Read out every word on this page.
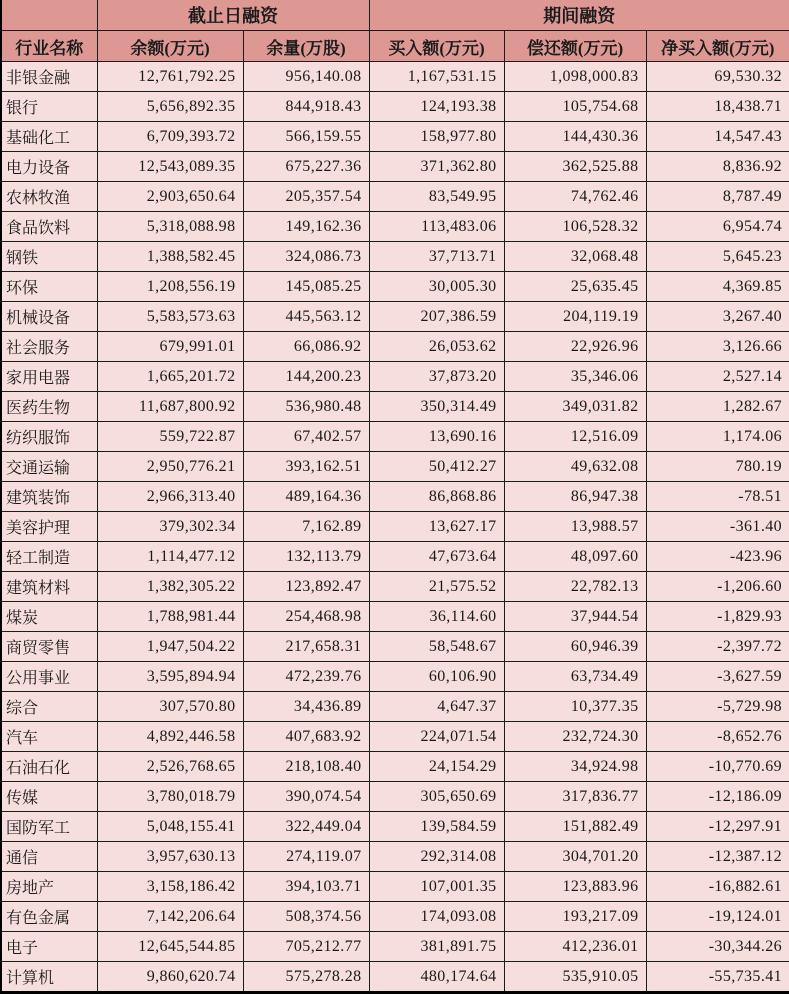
	截止日融资		期间融资		
行业名称	余额(万元)	余量(万股)	买入额(万元)	偿还额(万元)	净买入额(万元)
非银金融	12,761,792.25	956,140.08	1,167,531.15	1,098,000.83	69,530.32
银行	5,656,892.35	844,918.43	124,193.38	105,754.68	18,438.71
基础化工	6,709,393.72	566,159.55	158,977.80	144,430.36	14,547.43
电力设备	12,543,089.35	675,227.36	371,362.80	362,525.88	8,836.92
农林牧渔	2,903,650.64	205,357.54	83,549.95	74,762.46	8,787.49
食品饮料	5,318,088.98	149,162.36	113,483.06	106,528.32	6,954.74
钢铁	1,388,582.45	324,086.73	37,713.71	32,068.48	5,645.23
环保	1,208,556.19	145,085.25	30,005.30	25,635.45	4,369.85
机械设备	5,583,573.63	445,563.12	207,386.59	204,119.19	3,267.40
社会服务	679,991.01	66,086.92	26,053.62	22,926.96	3,126.66
家用电器	1,665,201.72	144,200.23	37,873.20	35,346.06	2,527.14
医药生物	11,687,800.92	536,980.48	350,314.49	349,031.82	1,282.67
纺织服饰	559,722.87	67,402.57	13,690.16	12,516.09	1,174.06
交通运输	2,950,776.21	393,162.51	50,412.27	49,632.08	780.19
建筑装饰	2,966,313.40	489,164.36	86,868.86	86,947.38	-78.51
美容护理	379,302.34	7,162.89	13,627.17	13,988.57	-361.40
轻工制造	1,114,477.12	132,113.79	47,673.64	48,097.60	-423.96
建筑材料	1,382,305.22	123,892.47	21,575.52	22,782.13	-1,206.60
煤炭	1,788,981.44	254,468.98	36,114.60	37,944.54	-1,829.93
商贸零售	1,947,504.22	217,658.31	58,548.67	60,946.39	-2,397.72
公用事业	3,595,894.94	472,239.76	60,106.90	63,734.49	-3,627.59
综合	307,570.80	34,436.89	4,647.37	10,377.35	-5,729.98
汽车	4,892,446.58	407,683.92	224,071.54	232,724.30	-8,652.76
石油石化	2,526,768.65	218,108.40	24,154.29	34,924.98	-10,770.69
传媒	3,780,018.79	390,074.54	305,650.69	317,836.77	-12,186.09
国防军工	5,048,155.41	322,449.04	139,584.59	151,882.49	-12,297.91
通信	3,957,630.13	274,119.07	292,314.08	304,701.20	-12,387.12
房地产	3,158,186.42	394,103.71	107,001.35	123,883.96	-16,882.61
有色金属	7,142,206.64	508,374.56	174,093.08	193,217.09	-19,124.01
电子	12,645,544.85	705,212.77	381,891.75	412,236.01	-30,344.26
计算机	9,860,620.74	575,278.28	480,174.64	535,910.05	-55,735.41
